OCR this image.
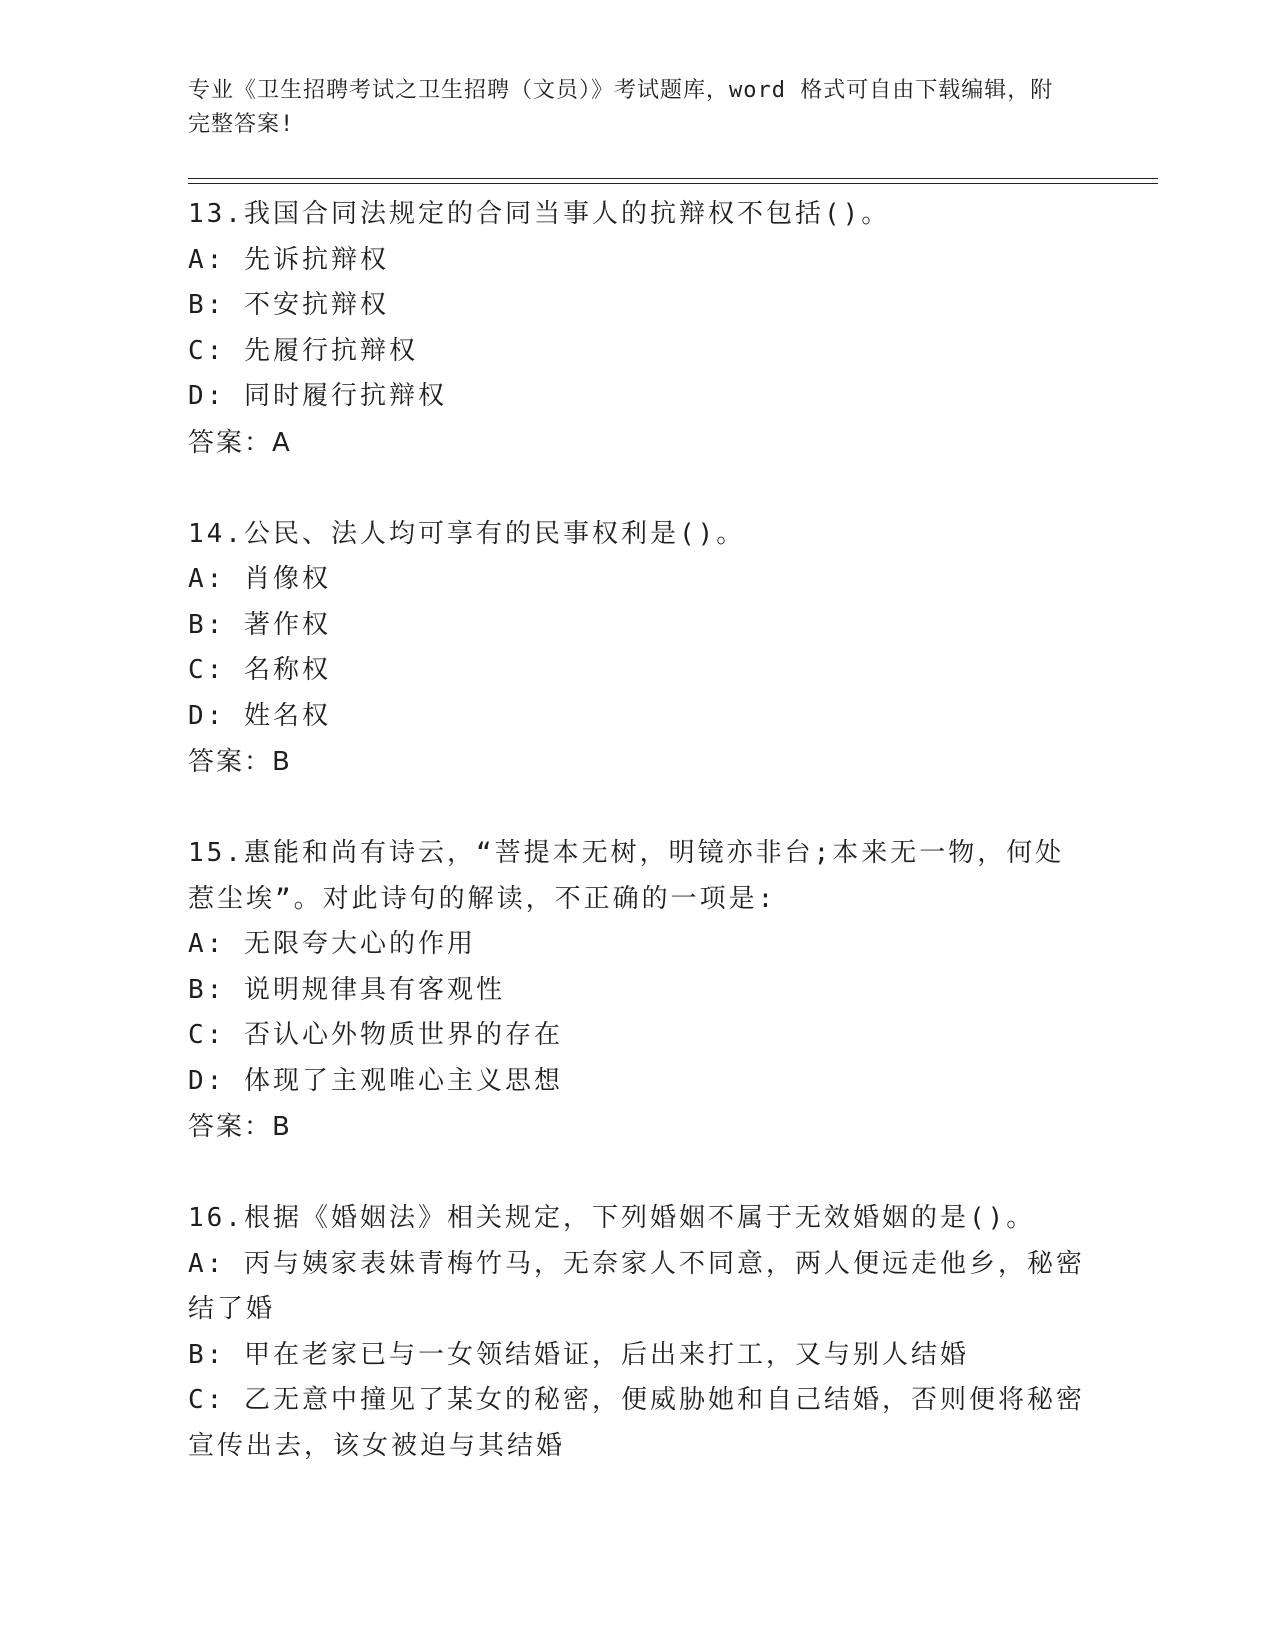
专业《卫生招聘考试之卫生招聘（文员）》考试题库，word 格式可自由下载编辑，附完整答案!
13.我国合同法规定的合同当事人的抗辩权不包括()。
A: 先诉抗辩权
B: 不安抗辩权
C: 先履行抗辩权
D: 同时履行抗辩权
答案：A
14.公民、法人均可享有的民事权利是()。
A: 肖像权
B: 著作权
C: 名称权
D: 姓名权
答案：B
15.惠能和尚有诗云，“菩提本无树，明镜亦非台;本来无一物，何处惹尘埃”。对此诗句的解读，不正确的一项是:
A: 无限夸大心的作用
B: 说明规律具有客观性
C: 否认心外物质世界的存在
D: 体现了主观唯心主义思想
答案：B
16.根据《婚姻法》相关规定，下列婚姻不属于无效婚姻的是()。
A: 丙与姨家表妹青梅竹马，无奈家人不同意，两人便远走他乡，秘密结了婚
B: 甲在老家已与一女领结婚证，后出来打工，又与别人结婚
C: 乙无意中撞见了某女的秘密，便威胁她和自己结婚，否则便将秘密宣传出去，该女被迫与其结婚
